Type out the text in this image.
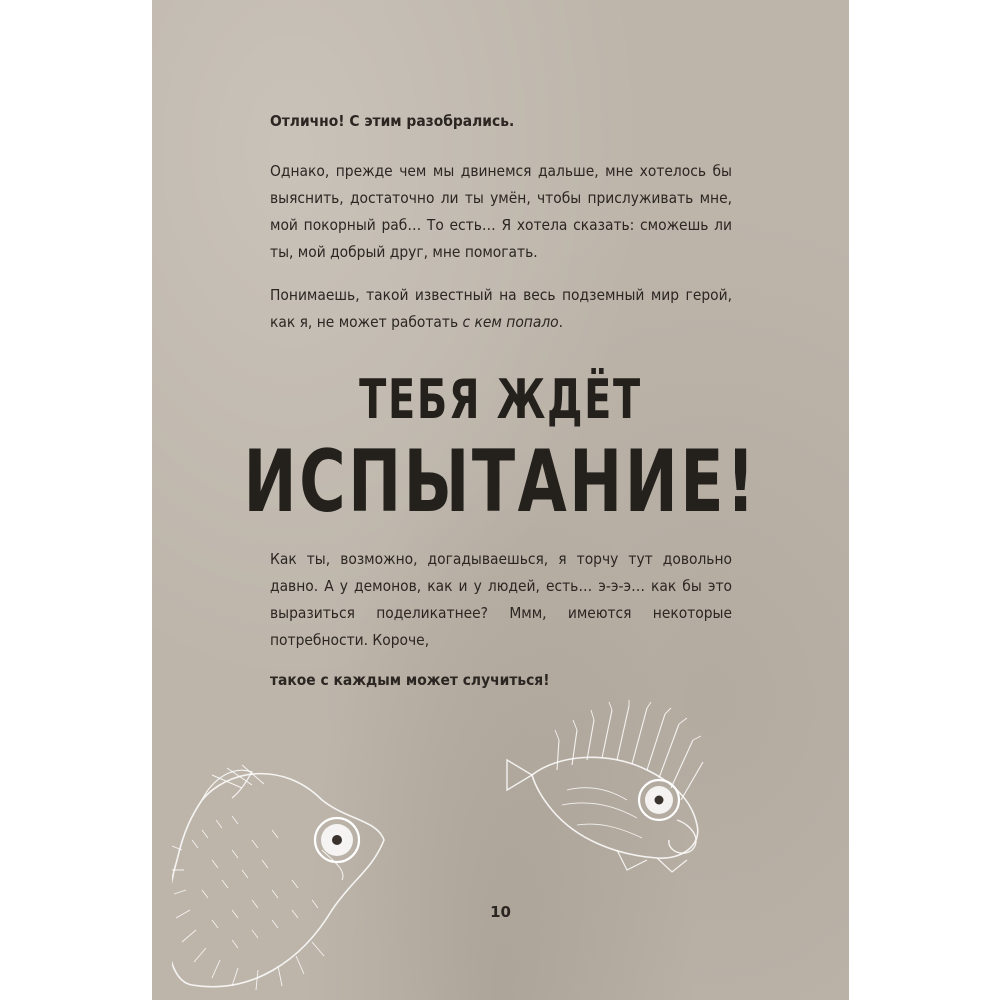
Отлично! С этим разобрались.

Однако, прежде чем мы двинемся дальше, мне хотелось бы выяснить, достаточно ли ты умён, чтобы прислуживать мне, мой покорный раб… То есть… Я хотела сказать: сможешь ли ты, мой добрый друг, мне помогать.

Понимаешь, такой известный на весь подземный мир герой, как я, не может работать с кем попало.

ТЕБЯ ЖДЁТ
ИСПЫТАНИЕ!

Как ты, возможно, догадываешься, я торчу тут довольно давно. А у демонов, как и у людей, есть… э-э-э… как бы это выразиться поделикатнее? Ммм, имеются некоторые потребности. Короче,

такое с каждым может случиться!

10
